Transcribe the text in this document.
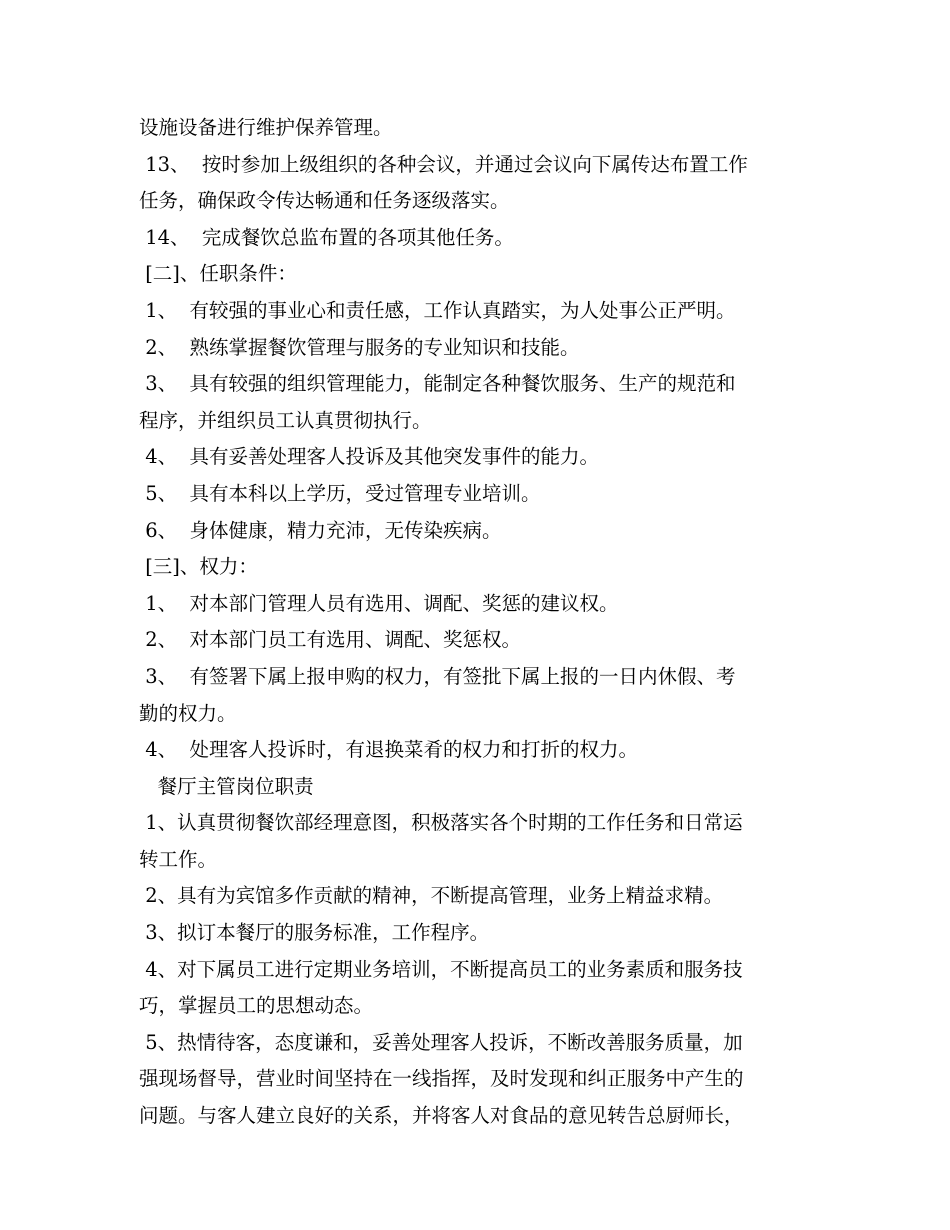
设施设备进行维护保养管理。
13、  按时参加上级组织的各种会议，并通过会议向下属传达布置工作
任务，确保政令传达畅通和任务逐级落实。
14、  完成餐饮总监布置的各项其他任务。
[二]、任职条件：
1、  有较强的事业心和责任感，工作认真踏实，为人处事公正严明。
2、  熟练掌握餐饮管理与服务的专业知识和技能。
3、  具有较强的组织管理能力，能制定各种餐饮服务、生产的规范和
程序，并组织员工认真贯彻执行。
4、  具有妥善处理客人投诉及其他突发事件的能力。
5、  具有本科以上学历，受过管理专业培训。
6、  身体健康，精力充沛，无传染疾病。
[三]、权力：
1、  对本部门管理人员有选用、调配、奖惩的建议权。
2、  对本部门员工有选用、调配、奖惩权。
3、  有签署下属上报申购的权力，有签批下属上报的一日内休假、考
勤的权力。
4、  处理客人投诉时，有退换菜肴的权力和打折的权力。
餐厅主管岗位职责
1、认真贯彻餐饮部经理意图，积极落实各个时期的工作任务和日常运
转工作。
2、具有为宾馆多作贡献的精神，不断提高管理，业务上精益求精。
3、拟订本餐厅的服务标准，工作程序。
4、对下属员工进行定期业务培训，不断提高员工的业务素质和服务技
巧，掌握员工的思想动态。
5、热情待客，态度谦和，妥善处理客人投诉，不断改善服务质量，加
强现场督导，营业时间坚持在一线指挥，及时发现和纠正服务中产生的
问题。与客人建立良好的关系，并将客人对食品的意见转告总厨师长，
